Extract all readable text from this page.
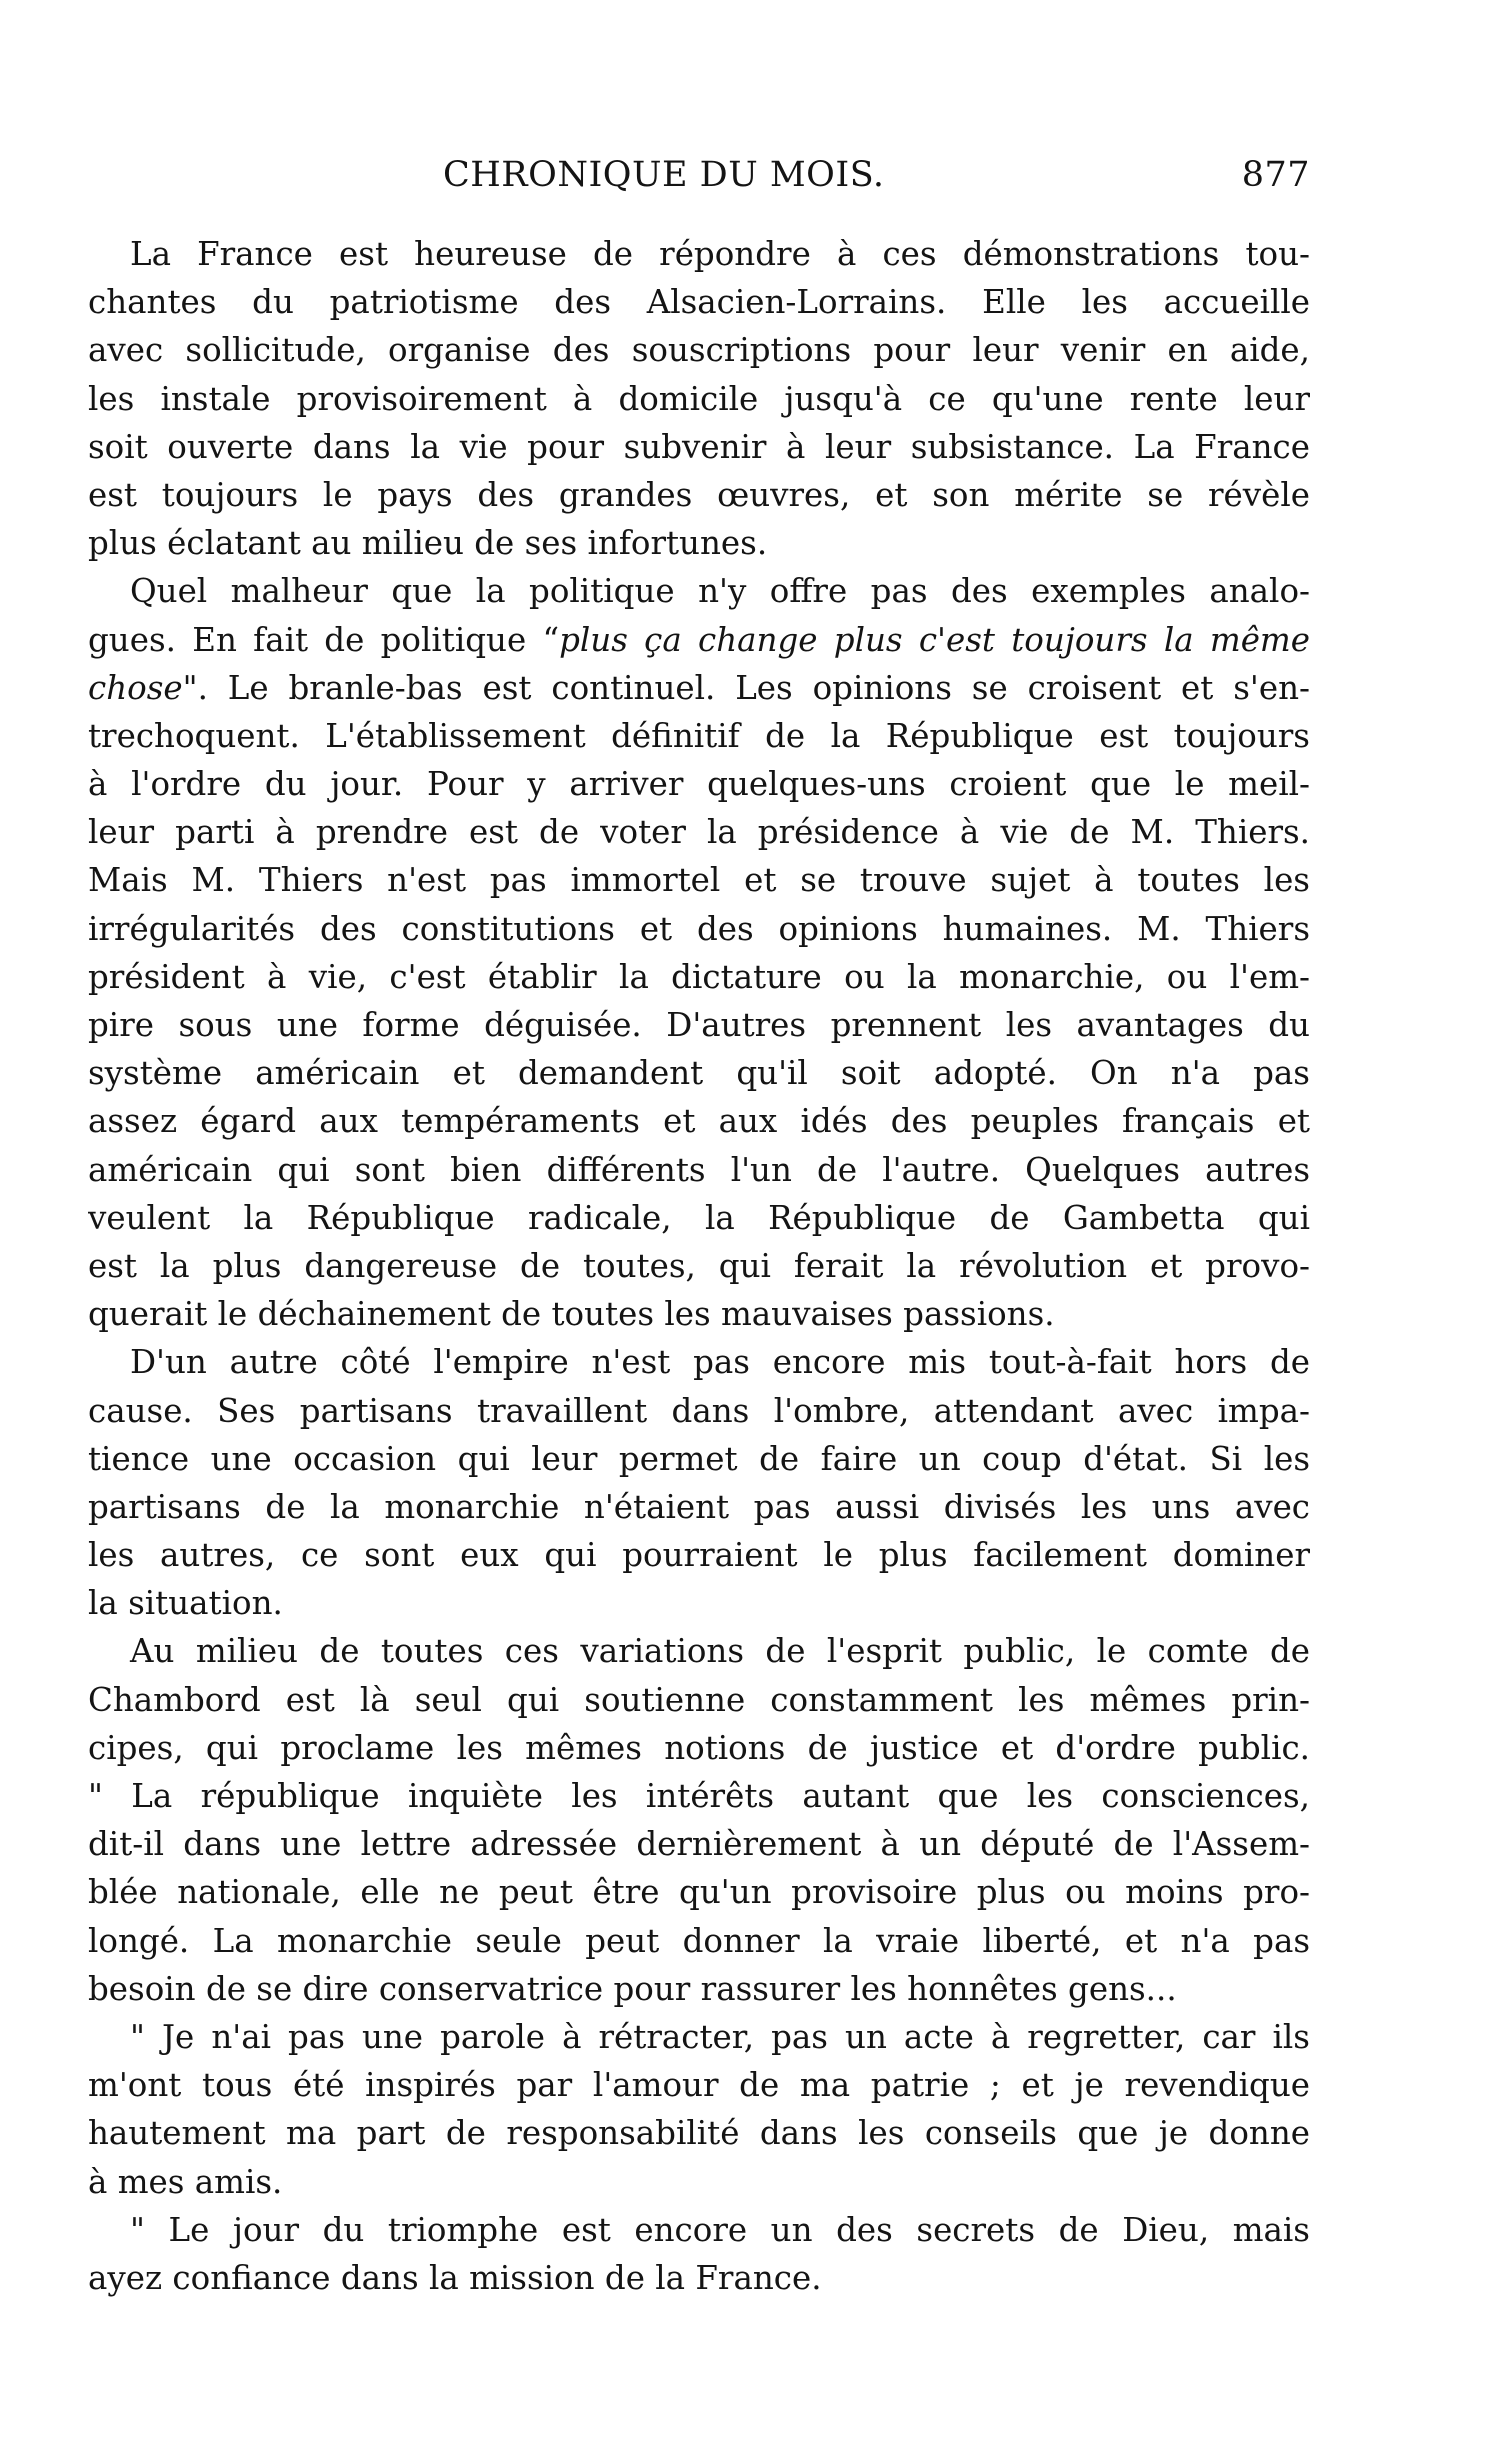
CHRONIQUE DU MOIS.	877
La France est heureuse de répondre à ces démonstrations tou-
chantes du patriotisme des Alsacien-Lorrains. Elle les accueille
avec sollicitude, organise des souscriptions pour leur venir en aide,
les instale provisoirement à domicile jusqu'à ce qu'une rente leur
soit ouverte dans la vie pour subvenir à leur subsistance. La France
est toujours le pays des grandes œuvres, et son mérite se révèle
plus éclatant au milieu de ses infortunes.
Quel malheur que la politique n'y offre pas des exemples analo-
gues. En fait de politique “plus ça change plus c'est toujours la même
chose". Le branle-bas est continuel. Les opinions se croisent et s'en-
trechoquent. L'établissement définitif de la République est toujours
à l'ordre du jour. Pour y arriver quelques-uns croient que le meil-
leur parti à prendre est de voter la présidence à vie de M. Thiers.
Mais M. Thiers n'est pas immortel et se trouve sujet à toutes les
irrégularités des constitutions et des opinions humaines. M. Thiers
président à vie, c'est établir la dictature ou la monarchie, ou l'em-
pire sous une forme déguisée. D'autres prennent les avantages du
système américain et demandent qu'il soit adopté. On n'a pas
assez égard aux tempéraments et aux idés des peuples français et
américain qui sont bien différents l'un de l'autre. Quelques autres
veulent la République radicale, la République de Gambetta qui
est la plus dangereuse de toutes, qui ferait la révolution et provo-
querait le déchainement de toutes les mauvaises passions.
D'un autre côté l'empire n'est pas encore mis tout-à-fait hors de
cause. Ses partisans travaillent dans l'ombre, attendant avec impa-
tience une occasion qui leur permet de faire un coup d'état. Si les
partisans de la monarchie n'étaient pas aussi divisés les uns avec
les autres, ce sont eux qui pourraient le plus facilement dominer
la situation.
Au milieu de toutes ces variations de l'esprit public, le comte de
Chambord est là seul qui soutienne constamment les mêmes prin-
cipes, qui proclame les mêmes notions de justice et d'ordre public.
" La république inquiète les intérêts autant que les consciences,
dit-il dans une lettre adressée dernièrement à un député de l'Assem-
blée nationale, elle ne peut être qu'un provisoire plus ou moins pro-
longé. La monarchie seule peut donner la vraie liberté, et n'a pas
besoin de se dire conservatrice pour rassurer les honnêtes gens...
" Je n'ai pas une parole à rétracter, pas un acte à regretter, car ils
m'ont tous été inspirés par l'amour de ma patrie ; et je revendique
hautement ma part de responsabilité dans les conseils que je donne
à mes amis.
" Le jour du triomphe est encore un des secrets de Dieu, mais
ayez confiance dans la mission de la France.
